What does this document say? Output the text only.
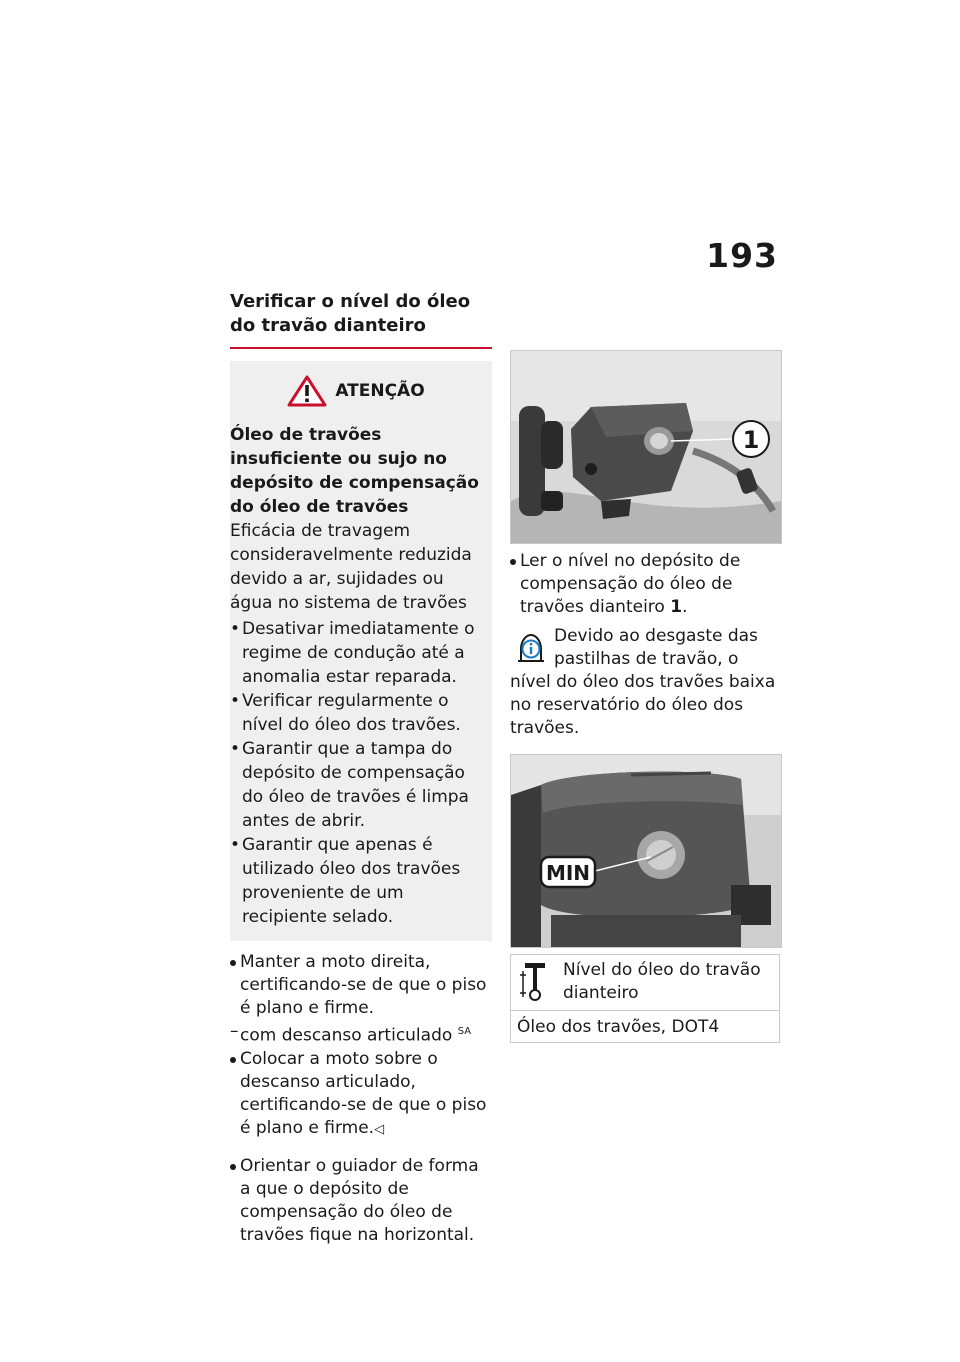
193
Verificar o nível do óleo do travão dianteiro
ATENÇÃO
Óleo de travões insuficiente ou sujo no depósito de compensação do óleo de travões
Eficácia de travagem consideravelmente reduzida devido a ar, sujidades ou água no sistema de travões
• Desativar imediatamente o regime de condução até a anomalia estar reparada.
• Verificar regularmente o nível do óleo dos travões.
• Garantir que a tampa do depósito de compensação do óleo de travões é limpa antes de abrir.
• Garantir que apenas é utilizado óleo dos travões proveniente de um recipiente selado.
Manter a moto direita, certificando-se de que o piso é plano e firme.
– com descanso articulado $^{SA}$
Colocar a moto sobre o descanso articulado, certificando-se de que o piso é plano e firme.◁
Orientar o guiador de forma a que o depósito de compensação do óleo de travões fique na horizontal.
1
Ler o nível no depósito de compensação do óleo de travões dianteiro 1.
Devido ao desgaste das pastilhas de travão, o nível do óleo dos travões baixa no reservatório do óleo dos travões.
MIN
Nível do óleo do travão dianteiro
Óleo dos travões, DOT4
